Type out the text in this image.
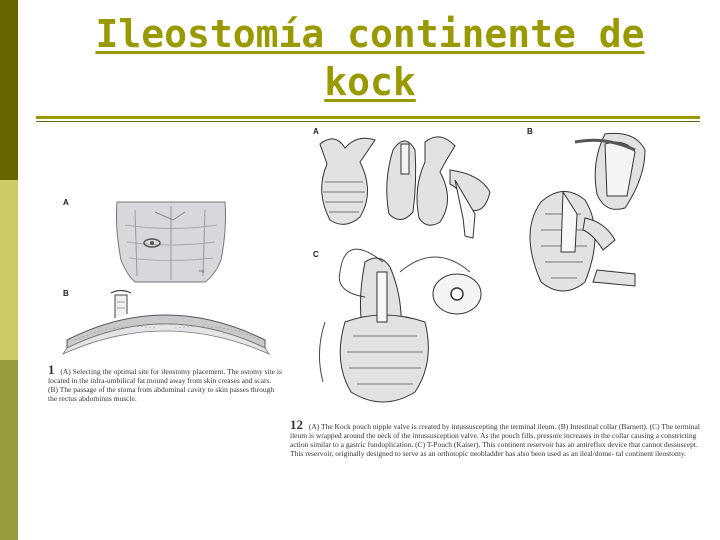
Ileostomía continente de
kock
A
B
sig.
1 (A) Selecting the optimal site for ileostomy placement. The ostomy site is located in the infra-umbilical fat mound away from skin creases and scars. (B) The passage of the stoma from abdominal cavity to skin passes through the rectus abdominus muscle.
A	B
C
12 (A) The Kock pouch nipple valve is created by intussuscepting the terminal ileum. (B) Intestinal collar (Barnett). (C) The terminal ileum is wrapped around the neck of the intussusception valve. As the pouch fills, pressure increases in the collar causing a constricting action similar to a gastric fundoplication. (C) T-Pouch (Kaiser). This continent reservoir has an antireflux device that cannot dessuscept. This reservoir, originally designed to serve as an orthotopic neobladder has also been used as an ileal/dome- tal continent ileostomy.
